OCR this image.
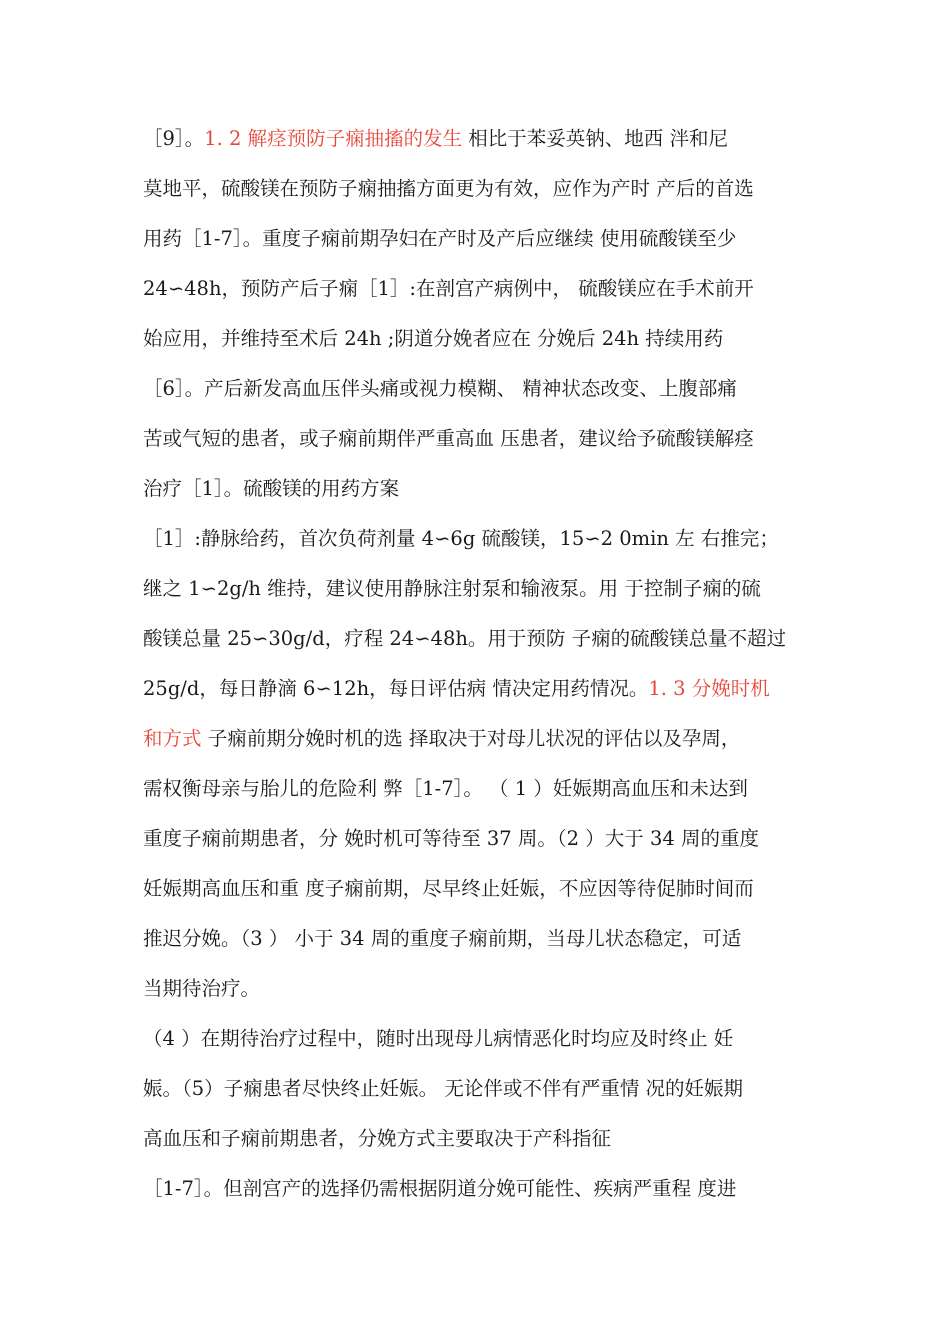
［9］。1. 2 解痉预防子痫抽搐的发生 相比于苯妥英钠、地西 泮和尼
莫地平，硫酸镁在预防子痫抽搐方面更为有效，应作为产时 产后的首选
用药［1-7］。重度子痫前期孕妇在产时及产后应继续 使用硫酸镁至少
24∽48h，预防产后子痫［1］:在剖宫产病例中， 硫酸镁应在手术前开
始应用，并维持至术后 24h ;阴道分娩者应在 分娩后 24h 持续用药
［6］。产后新发高血压伴头痛或视力模糊、 精神状态改变、上腹部痛
苦或气短的患者，或子痫前期伴严重高血 压患者，建议给予硫酸镁解痉
治疗［1］。硫酸镁的用药方案
［1］:静脉给药，首次负荷剂量 4∽6g 硫酸镁，15∽2 0min 左 右推完；
继之 1∽2g/h 维持，建议使用静脉注射泵和输液泵。用 于控制子痫的硫
酸镁总量 25∽30g/d，疗程 24∽48h。用于预防 子痫的硫酸镁总量不超过
25g/d，每日静滴 6∽12h，每日评估病 情决定用药情况。1. 3 分娩时机
和方式 子痫前期分娩时机的选 择取决于对母儿状况的评估以及孕周，
需权衡母亲与胎儿的危险利 弊［1-7］。 （ 1 ）妊娠期高血压和未达到
重度子痫前期患者，分 娩时机可等待至 37 周。（2 ）大于 34 周的重度
妊娠期高血压和重 度子痫前期，尽早终止妊娠，不应因等待促肺时间而
推迟分娩。（3 ） 小于 34 周的重度子痫前期，当母儿状态稳定，可适
当期待治疗。
（4 ）在期待治疗过程中，随时出现母儿病情恶化时均应及时终止 妊
娠。（5）子痫患者尽快终止妊娠。 无论伴或不伴有严重情 况的妊娠期
高血压和子痫前期患者，分娩方式主要取决于产科指征
［1-7］。但剖宫产的选择仍需根据阴道分娩可能性、疾病严重程 度进
